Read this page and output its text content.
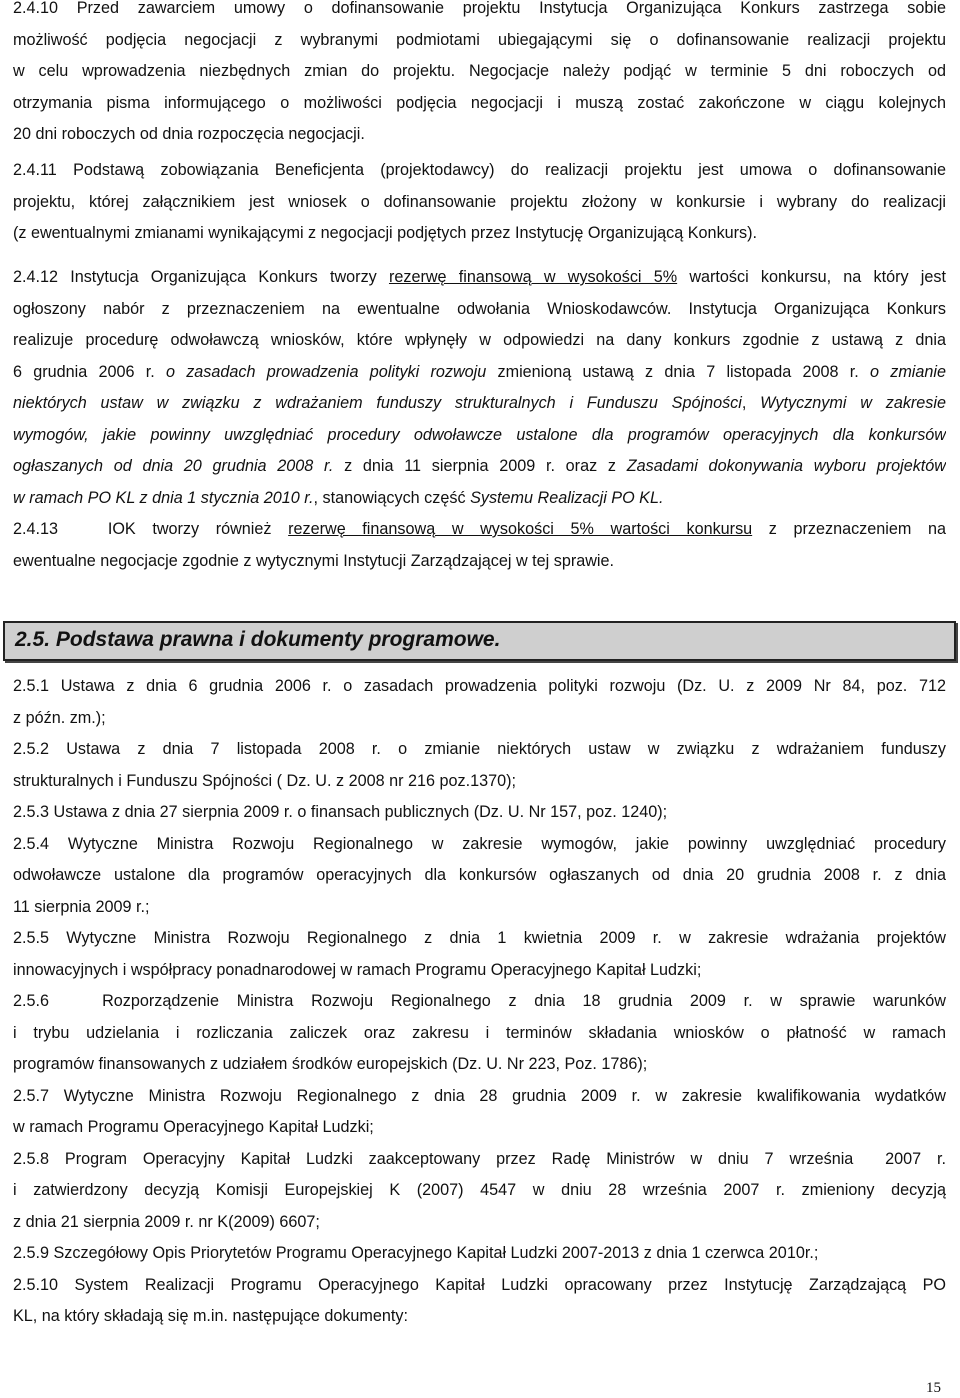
2.4.10 Przed zawarciem umowy o dofinansowanie projektu Instytucja Organizująca Konkurs zastrzega sobie
możliwość podjęcia negocjacji z wybranymi podmiotami ubiegającymi się o dofinansowanie realizacji projektu
w celu wprowadzenia niezbędnych zmian do projektu. Negocjacje należy podjąć w terminie 5 dni roboczych od
otrzymania pisma informującego o możliwości podjęcia negocjacji i muszą zostać zakończone w ciągu kolejnych
20 dni roboczych od dnia rozpoczęcia negocjacji.
2.4.11 Podstawą zobowiązania Beneficjenta (projektodawcy) do realizacji projektu jest umowa o dofinansowanie
projektu, której załącznikiem jest wniosek o dofinansowanie projektu złożony w konkursie i wybrany do realizacji
(z ewentualnymi zmianami wynikającymi z negocjacji podjętych przez Instytucję Organizującą Konkurs).
2.4.12 Instytucja Organizująca Konkurs tworzy rezerwę finansową w wysokości 5% wartości konkursu, na który jest
ogłoszony nabór z przeznaczeniem na ewentualne odwołania Wnioskodawców. Instytucja Organizująca Konkurs
realizuje procedurę odwoławczą wniosków, które wpłynęły w odpowiedzi na dany konkurs zgodnie z ustawą z dnia
6 grudnia 2006 r. o zasadach prowadzenia polityki rozwoju zmienioną ustawą z dnia 7 listopada 2008 r. o zmianie
niektórych ustaw w związku z wdrażaniem funduszy strukturalnych i Funduszu Spójności, Wytycznymi w zakresie
wymogów, jakie powinny uwzględniać procedury odwoławcze ustalone dla programów operacyjnych dla konkursów
ogłaszanych od dnia 20 grudnia 2008 r. z dnia 11 sierpnia 2009 r. oraz z Zasadami dokonywania wyboru projektów
w ramach PO KL z dnia 1 stycznia 2010 r., stanowiących część Systemu Realizacji PO KL.
2.4.13   IOK tworzy również rezerwę finansową w wysokości 5% wartości konkursu z przeznaczeniem na
ewentualne negocjacje zgodnie z wytycznymi Instytucji Zarządzającej w tej sprawie.
2.5. Podstawa prawna i dokumenty programowe.
2.5.1 Ustawa z dnia 6 grudnia 2006 r. o zasadach prowadzenia polityki rozwoju (Dz. U. z 2009 Nr 84, poz. 712
z późn. zm.);
2.5.2 Ustawa z dnia 7 listopada 2008 r. o zmianie niektórych ustaw w związku z wdrażaniem funduszy
strukturalnych i Funduszu Spójności ( Dz. U. z 2008 nr 216 poz.1370);
2.5.3 Ustawa z dnia 27 sierpnia 2009 r. o finansach publicznych (Dz. U. Nr 157, poz. 1240);
2.5.4 Wytyczne Ministra Rozwoju Regionalnego w zakresie wymogów, jakie powinny uwzględniać procedury
odwoławcze ustalone dla programów operacyjnych dla konkursów ogłaszanych od dnia 20 grudnia 2008 r. z dnia
11 sierpnia 2009 r.;
2.5.5 Wytyczne Ministra Rozwoju Regionalnego z dnia 1 kwietnia 2009 r. w zakresie wdrażania projektów
innowacyjnych i współpracy ponadnarodowej w ramach Programu Operacyjnego Kapitał Ludzki;
2.5.6   Rozporządzenie Ministra Rozwoju Regionalnego z dnia 18 grudnia 2009 r. w sprawie warunków
i trybu udzielania i rozliczania zaliczek oraz zakresu i terminów składania wniosków o płatność w ramach
programów finansowanych z udziałem środków europejskich (Dz. U. Nr 223, Poz. 1786);
2.5.7 Wytyczne Ministra Rozwoju Regionalnego z dnia 28 grudnia 2009 r. w zakresie kwalifikowania wydatków
w ramach Programu Operacyjnego Kapitał Ludzki;
2.5.8 Program Operacyjny Kapitał Ludzki zaakceptowany przez Radę Ministrów w dniu 7 września  2007 r.
i zatwierdzony decyzją Komisji Europejskiej K (2007) 4547 w dniu 28 września 2007 r. zmieniony decyzją
z dnia 21 sierpnia 2009 r. nr K(2009) 6607;
2.5.9 Szczegółowy Opis Priorytetów Programu Operacyjnego Kapitał Ludzki 2007-2013 z dnia 1 czerwca 2010r.;
2.5.10 System Realizacji Programu Operacyjnego Kapitał Ludzki opracowany przez Instytucję Zarządzającą PO
KL, na który składają się m.in. następujące dokumenty:
15
